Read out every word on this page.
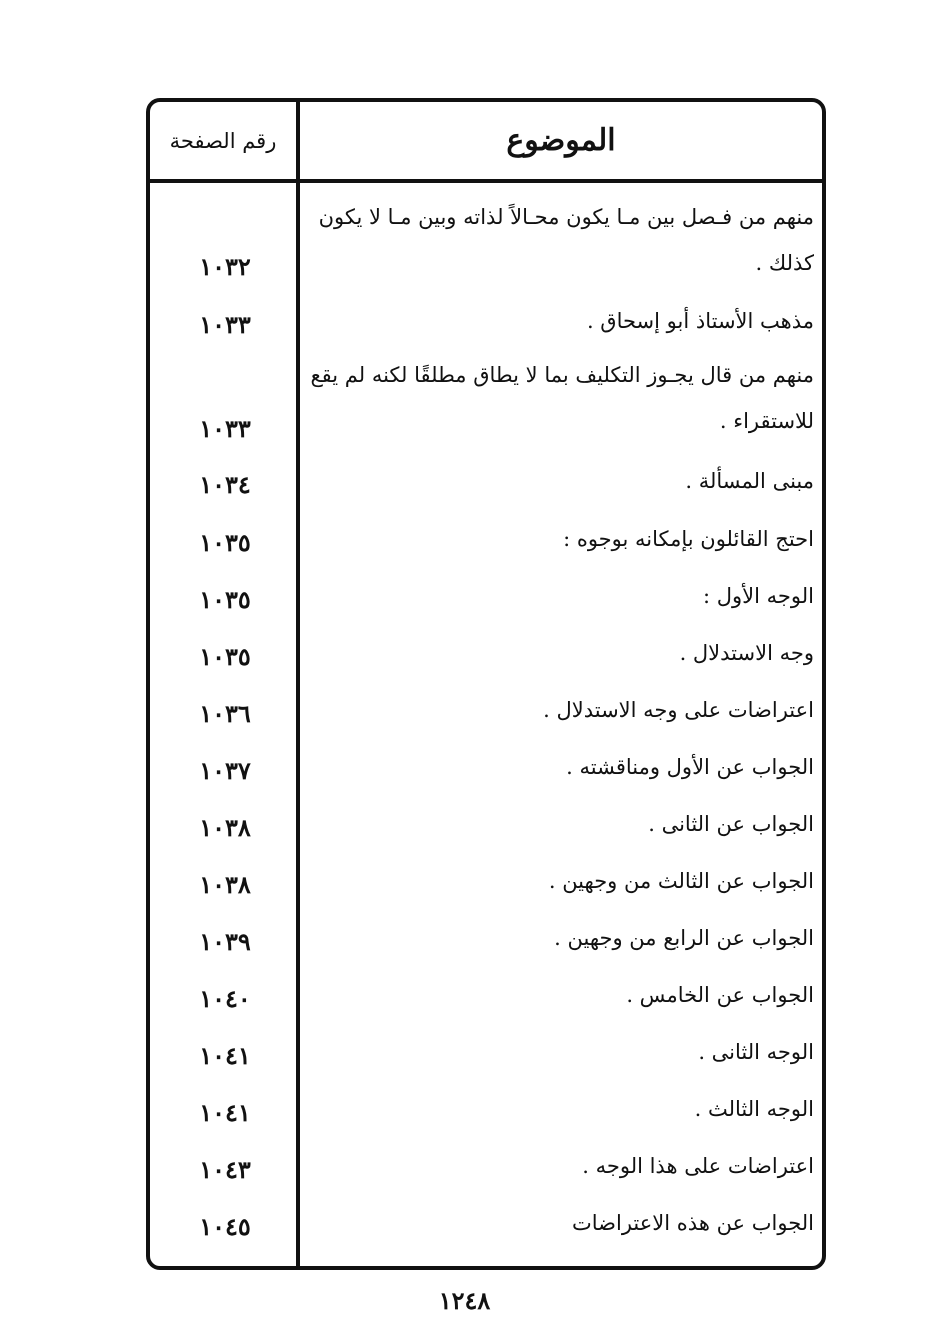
الموضوع
رقم الصفحة
منهم من فـصل بين مـا يكون محـالاً لذاته وبين مـا لا يكون كذلك .
١٠٣٢
مذهب الأستاذ أبو إسحاق .
١٠٣٣
منهم من قال يجـوز التكليف بما لا يطاق مطلقًا لكنه لم يقع للاستقراء .
١٠٣٣
مبنى المسألة .
١٠٣٤
احتج القائلون بإمكانه بوجوه :
١٠٣٥
الوجه الأول :
١٠٣٥
وجه الاستدلال .
١٠٣٥
اعتراضات على وجه الاستدلال .
١٠٣٦
الجواب عن الأول ومناقشته .
١٠٣٧
الجواب عن الثانى .
١٠٣٨
الجواب عن الثالث من وجهين .
١٠٣٨
الجواب عن الرابع من وجهين .
١٠٣٩
الجواب عن الخامس .
١٠٤٠
الوجه الثانى .
١٠٤١
الوجه الثالث .
١٠٤١
اعتراضات على هذا الوجه .
١٠٤٣
الجواب عن هذه الاعتراضات
١٠٤٥
١٢٤٨
